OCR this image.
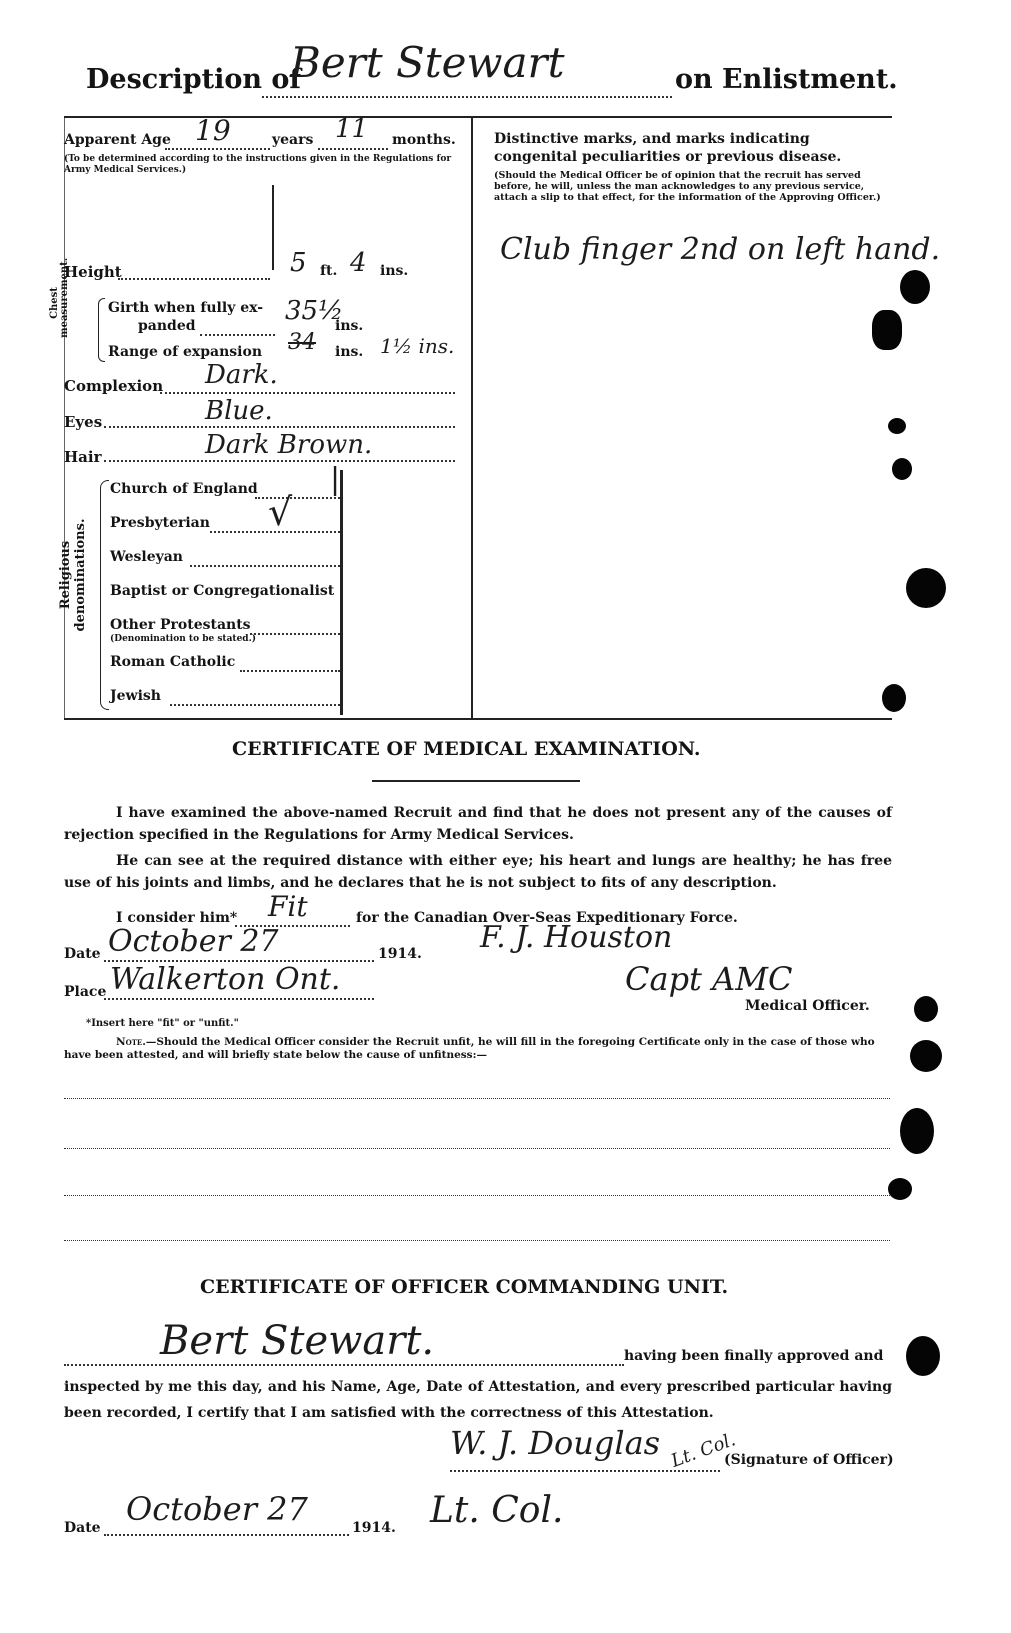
Description of
Bert Stewart	on Enlistment.
Apparent Age 19	years 11 months.
(To be determined according to the instructions given in the Regulations for Army Medical Services.)
Height	5 ft. 4 ins.
Chest measurement.	Girth when fully ex-
panded	35½
ins.
Range of expansion 34 ins. 1½ ins.
Complexion Dark.
Eyes	Blue.
Hair	Dark Brown.
Religious denominations.
|
Church of England
Presbyterian √
Wesleyan
Baptist or Congregationalist
Other Protestants
(Denomination to be stated.)
Roman Catholic
Jewish
Distinctive marks, and marks indicating congenital peculiarities or previous disease.
(Should the Medical Officer be of opinion that the recruit has served before, he will, unless the man acknowledges to any previous service, attach a slip to that effect, for the information of the Approving Officer.)
Club finger 2nd on left hand.
CERTIFICATE OF MEDICAL EXAMINATION.
I have examined the above-named Recruit and find that he does not present any of the causes of rejection specified in the Regulations for Army Medical Services.
He can see at the required distance with either eye; his heart and lungs are healthy; he has free use of his joints and limbs, and he declares that he is not subject to fits of any description.
I consider him* Fit	for the Canadian Over-Seas Expeditionary Force.
Date October 27	1914. F. J. Houston
Place Walkerton Ont.	Capt AMC
Medical Officer.
*Insert here "fit" or "unfit."
Note.—Should the Medical Officer consider the Recruit unfit, he will fill in the foregoing Certificate only in the case of those who have been attested, and will briefly state below the cause of unfitness:—
CERTIFICATE OF OFFICER COMMANDING UNIT.
Bert Stewart.	having been finally approved and
inspected by me this day, and his Name, Age, Date of Attestation, and every prescribed particular having been recorded, I certify that I am satisfied with the correctness of this Attestation.
W. J. Douglas Lt. Col.
(Signature of Officer)
Date October 27	1914. Lt. Col.
